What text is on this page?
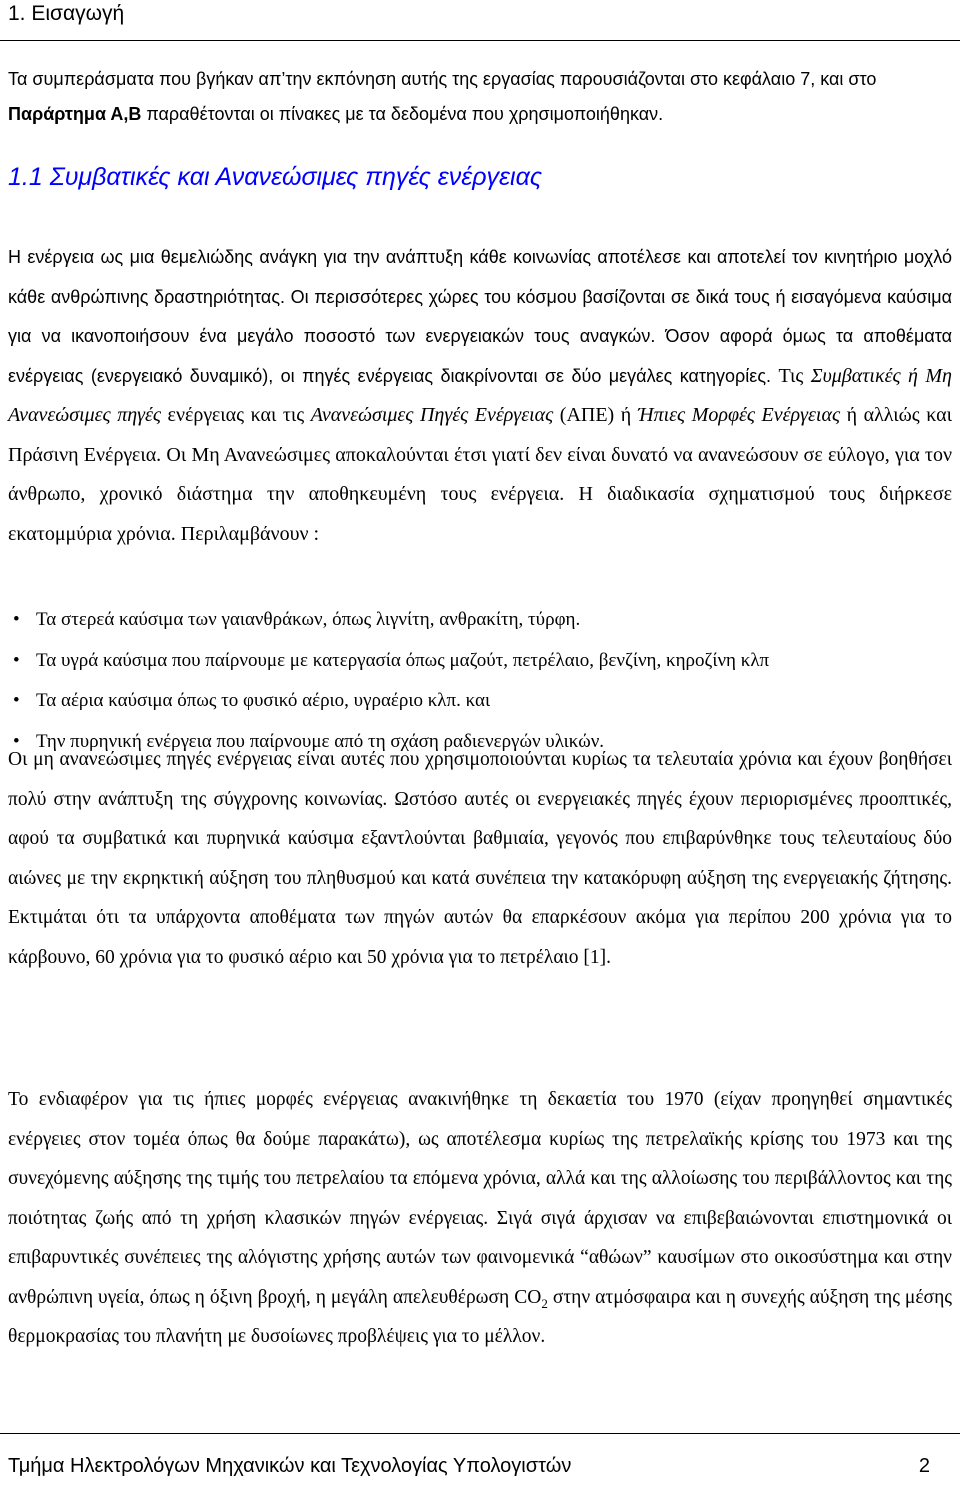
1. Εισαγωγή
Τα συμπεράσματα που βγήκαν απ’την εκπόνηση αυτής της εργασίας παρουσιάζονται στο κεφάλαιο 7, και στο Παράρτημα Α,Β παραθέτονται οι πίνακες με τα δεδομένα που χρησιμοποιήθηκαν.
1.1 Συμβατικές και Ανανεώσιμες πηγές ενέργειας
Η ενέργεια ως μια θεμελιώδης ανάγκη για την ανάπτυξη κάθε κοινωνίας αποτέλεσε και αποτελεί τον κινητήριο μοχλό κάθε ανθρώπινης δραστηριότητας. Οι περισσότερες χώρες του κόσμου βασίζονται σε δικά τους ή εισαγόμενα καύσιμα για να ικανοποιήσουν ένα μεγάλο ποσοστό των ενεργειακών τους αναγκών. Όσον αφορά όμως τα αποθέματα ενέργειας (ενεργειακό δυναμικό), οι πηγές ενέργειας διακρίνονται σε δύο μεγάλες κατηγορίες. Τις Συμβατικές ή Μη Ανανεώσιμες πηγές ενέργειας και τις Ανανεώσιμες Πηγές Ενέργειας (ΑΠΕ) ή Ήπιες Μορφές Ενέργειας ή αλλιώς και Πράσινη Ενέργεια. Οι Μη Ανανεώσιμες αποκαλούνται έτσι γιατί δεν είναι δυνατό να ανανεώσουν σε εύλογο, για τον άνθρωπο, χρονικό διάστημα την αποθηκευμένη τους ενέργεια. Η διαδικασία σχηματισμού τους διήρκεσε εκατομμύρια χρόνια. Περιλαμβάνουν :
• Τα στερεά καύσιμα των γαιανθράκων, όπως λιγνίτη, ανθρακίτη, τύρφη.
• Τα υγρά καύσιμα που παίρνουμε με κατεργασία όπως μαζούτ, πετρέλαιο, βενζίνη, κηροζίνη κλπ
• Τα αέρια καύσιμα όπως το φυσικό αέριο, υγραέριο κλπ. και
• Την πυρηνική ενέργεια που παίρνουμε από τη σχάση ραδιενεργών υλικών.
Οι μη ανανεώσιμες πηγές ενέργειας είναι αυτές που χρησιμοποιούνται κυρίως τα τελευταία χρόνια και έχουν βοηθήσει πολύ στην ανάπτυξη της σύγχρονης κοινωνίας. Ωστόσο αυτές οι ενεργειακές πηγές έχουν περιορισμένες προοπτικές, αφού τα συμβατικά και πυρηνικά καύσιμα εξαντλούνται βαθμιαία, γεγονός που επιβαρύνθηκε τους τελευταίους δύο αιώνες με την εκρηκτική αύξηση του πληθυσμού και κατά συνέπεια την κατακόρυφη αύξηση της ενεργειακής ζήτησης. Εκτιμάται ότι τα υπάρχοντα αποθέματα των πηγών αυτών θα επαρκέσουν ακόμα για περίπου 200 χρόνια για το κάρβουνο, 60 χρόνια για το φυσικό αέριο και 50 χρόνια για το πετρέλαιο [1].
Το ενδιαφέρον για τις ήπιες μορφές ενέργειας ανακινήθηκε τη δεκαετία του 1970 (είχαν προηγηθεί σημαντικές ενέργειες στον τομέα όπως θα δούμε παρακάτω), ως αποτέλεσμα κυρίως της πετρελαϊκής κρίσης του 1973 και της συνεχόμενης αύξησης της τιμής του πετρελαίου τα επόμενα χρόνια, αλλά και της αλλοίωσης του περιβάλλοντος και της ποιότητας ζωής από τη χρήση κλασικών πηγών ενέργειας. Σιγά σιγά άρχισαν να επιβεβαιώνονται επιστημονικά οι επιβαρυντικές συνέπειες της αλόγιστης χρήσης αυτών των φαινομενικά “αθώων” καυσίμων στο οικοσύστημα και στην ανθρώπινη υγεία, όπως η όξινη βροχή, η μεγάλη απελευθέρωση $CO_2$ στην ατμόσφαιρα και η συνεχής αύξηση της μέσης θερμοκρασίας του πλανήτη με δυσοίωνες προβλέψεις για το μέλλον.
Τμήμα Ηλεκτρολόγων Μηχανικών και Τεχνολογίας Υπολογιστών	2
